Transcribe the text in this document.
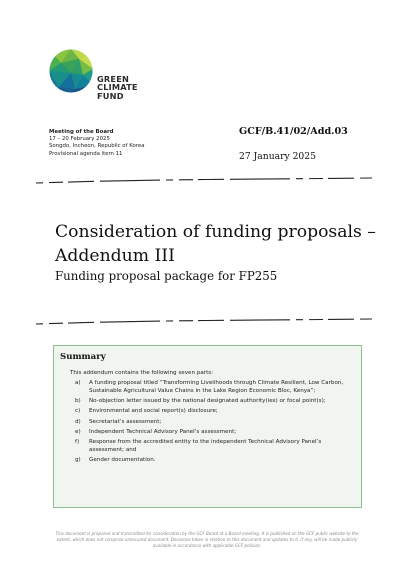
GREEN
CLIMATE
FUND
Meeting of the Board
17 – 20 February 2025
Songdo, Incheon, Republic of Korea
Provisional agenda item 11
GCF/B.41/02/Add.03
27 January 2025
Consideration of funding proposals –
Addendum III
Funding proposal package for FP255
Summary
This addendum contains the following seven parts:
a) A funding proposal titled “Transforming Livelihoods through Climate Resilient, Low Carbon, Sustainable Agricultural Value Chains in the Lake Region Economic Bloc, Kenya”;
b) No-objection letter issued by the national designated authority(ies) or focal point(s);
c) Environmental and social report(s) disclosure;
d) Secretariat’s assessment;
e) Independent Technical Advisory Panel’s assessment;
f) Response from the accredited entity to the independent Technical Advisory Panel’s assessment; and
g) Gender documentation.
This document is prepared and transmitted for consideration by the GCF Board at a Board meeting. It is published on the GCF public website to the extent, which does not comprise unsecured document. Decisions taken in relation to this document and updates to it, if any, will be made publicly available in accordance with applicable GCF policies.
